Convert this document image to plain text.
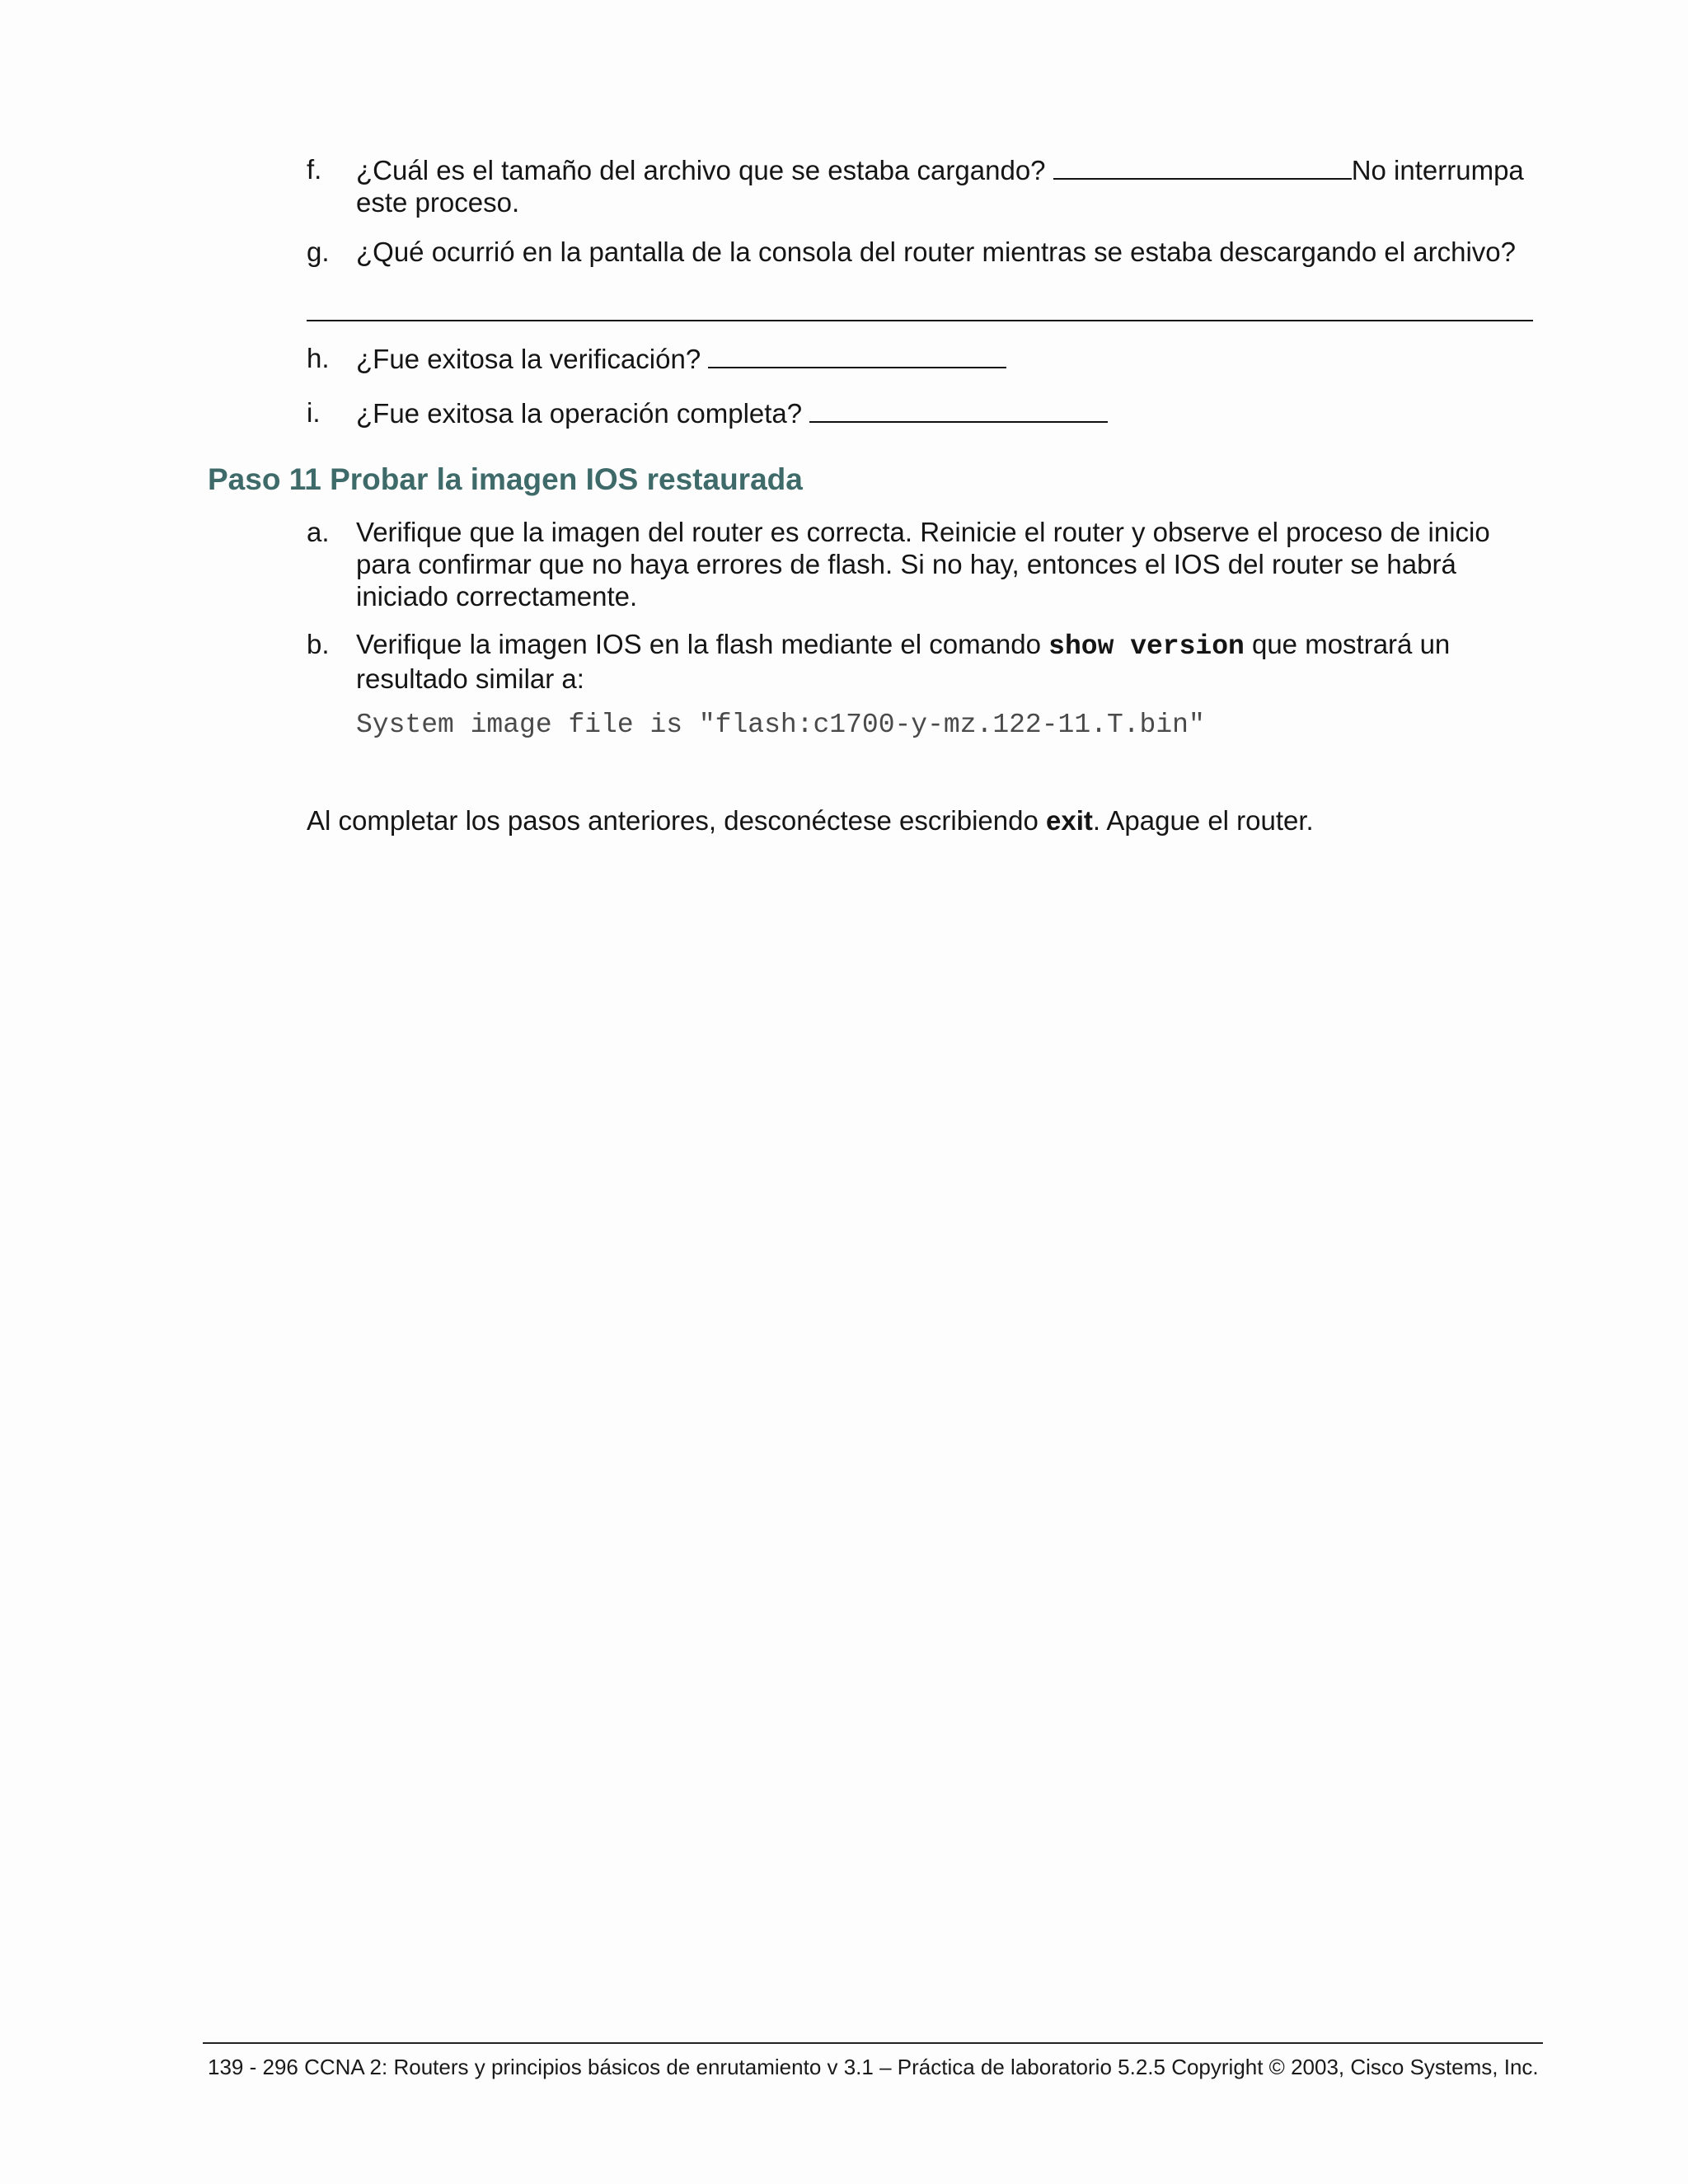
f. ¿Cuál es el tamaño del archivo que se estaba cargando?	No interrumpa
este proceso.
g. ¿Qué ocurrió en la pantalla de la consola del router mientras se estaba descargando el archivo?
h. ¿Fue exitosa la verificación?
i. ¿Fue exitosa la operación completa?
Paso 11 Probar la imagen IOS restaurada
a. Verifique que la imagen del router es correcta. Reinicie el router y observe el proceso de inicio
para confirmar que no haya errores de flash. Si no hay, entonces el IOS del router se habrá
iniciado correctamente.
b. Verifique la imagen IOS en la flash mediante el comando show version que mostrará un
resultado similar a:
System image file is "flash:c1700-y-mz.122-11.T.bin"
Al completar los pasos anteriores, desconéctese escribiendo exit. Apague el router.
139 - 296 CCNA 2: Routers y principios básicos de enrutamiento v 3.1 – Práctica de laboratorio 5.2.5 Copyright © 2003, Cisco Systems, Inc.
